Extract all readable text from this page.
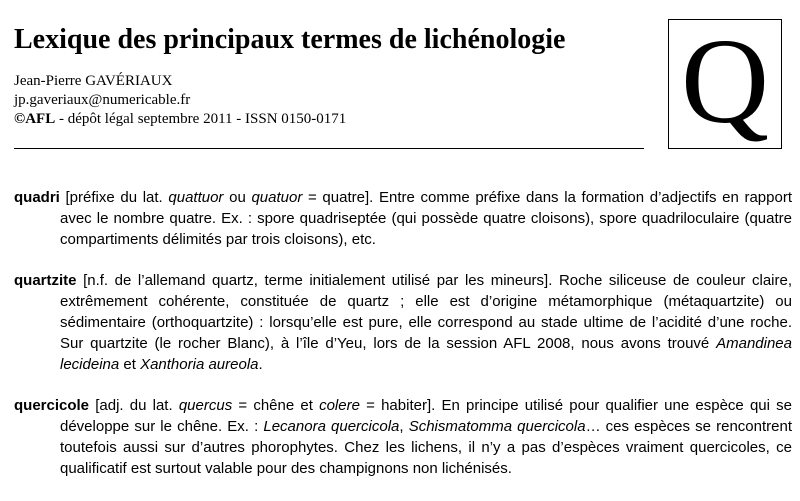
Lexique des principaux termes de lichénologie
Jean-Pierre GAVÉRIAUX
jp.gaveriaux@numericable.fr
©AFL - dépôt légal septembre 2011 - ISSN 0150-0171	Q

quadri [préfixe du lat. quattuor ou quatuor = quatre]. Entre comme préfixe dans la formation d’adjectifs en rapport avec le nombre quatre. Ex. : spore quadriseptée (qui possède quatre cloisons), spore quadriloculaire (quatre compartiments délimités par trois cloisons), etc.

quartzite [n.f. de l’allemand quartz, terme initialement utilisé par les mineurs]. Roche siliceuse de couleur claire, extrêmement cohérente, constituée de quartz ; elle est d’origine métamorphique (métaquartzite) ou sédimentaire (orthoquartzite) : lorsqu’elle est pure, elle correspond au stade ultime de l’acidité d’une roche. Sur quartzite (le rocher Blanc), à l’île d’Yeu, lors de la session AFL 2008, nous avons trouvé Amandinea lecideina et Xanthoria aureola.

quercicole [adj. du lat. quercus = chêne et colere = habiter]. En principe utilisé pour qualifier une espèce qui se développe sur le chêne. Ex. : Lecanora quercicola, Schismatomma quercicola… ces espèces se rencontrent toutefois aussi sur d’autres phorophytes. Chez les lichens, il n’y a pas d’espèces vraiment quercicoles, ce qualificatif est surtout valable pour des champignons non lichénisés.
